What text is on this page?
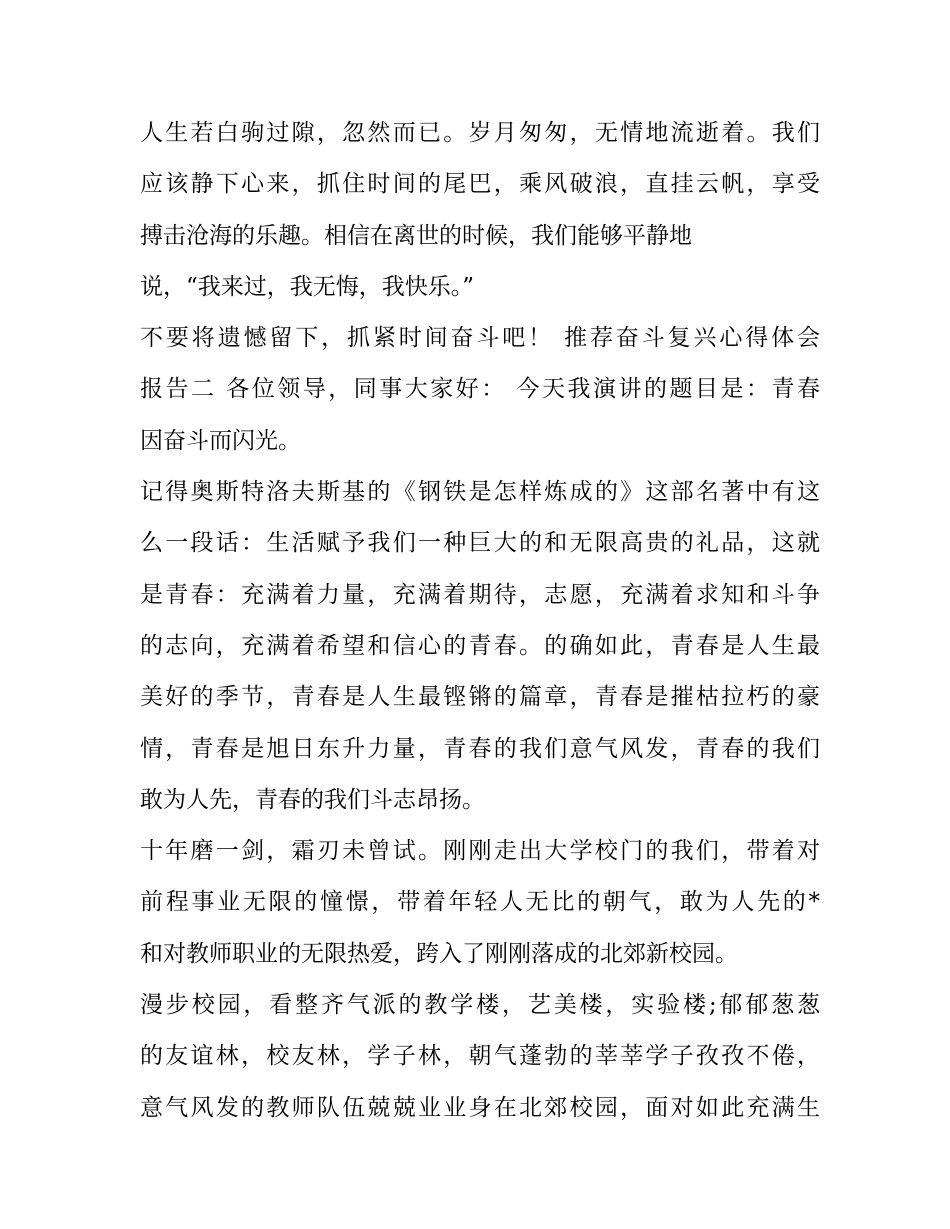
人生若白驹过隙，忽然而已。岁月匆匆，无情地流逝着。我们
应该静下心来，抓住时间的尾巴，乘风破浪，直挂云帆，享受
搏击沧海的乐趣。相信在离世的时候，我们能够平静地
说，“我来过，我无悔，我快乐。”
不要将遗憾留下，抓紧时间奋斗吧！ 推荐奋斗复兴心得体会
报告二 各位领导，同事大家好： 今天我演讲的题目是：青春
因奋斗而闪光。
记得奥斯特洛夫斯基的《钢铁是怎样炼成的》这部名著中有这
么一段话：生活赋予我们一种巨大的和无限高贵的礼品，这就
是青春：充满着力量，充满着期待，志愿，充满着求知和斗争
的志向，充满着希望和信心的青春。的确如此，青春是人生最
美好的季节，青春是人生最铿锵的篇章，青春是摧枯拉朽的豪
情，青春是旭日东升力量，青春的我们意气风发，青春的我们
敢为人先，青春的我们斗志昂扬。
十年磨一剑，霜刃未曾试。刚刚走出大学校门的我们，带着对
前程事业无限的憧憬，带着年轻人无比的朝气，敢为人先的*
和对教师职业的无限热爱，跨入了刚刚落成的北郊新校园。
漫步校园，看整齐气派的教学楼，艺美楼，实验楼;郁郁葱葱
的友谊林，校友林，学子林，朝气蓬勃的莘莘学子孜孜不倦，
意气风发的教师队伍兢兢业业身在北郊校园，面对如此充满生
